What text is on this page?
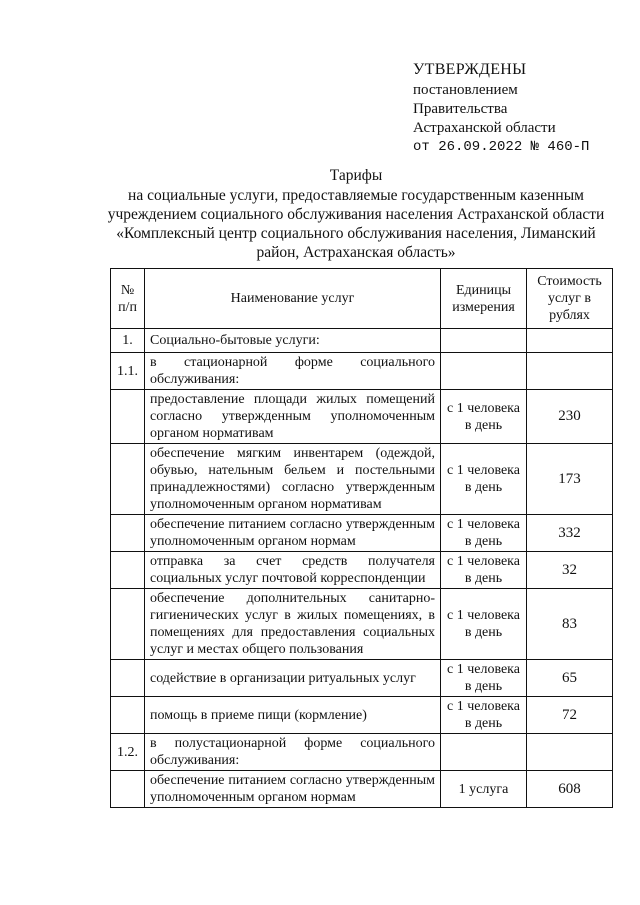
УТВЕРЖДЕНЫ
постановлением
Правительства
Астраханской области
от 26.09.2022 № 460-П
Тарифы
на социальные услуги, предоставляемые государственным казенным
учреждением социального обслуживания населения Астраханской области
«Комплексный центр социального обслуживания населения, Лиманский
район, Астраханская область»
№ п/п	Наименование услуг	Единицы измерения	Стоимость услуг в рублях
1.	Социально-бытовые услуги:		
1.1.	в стационарной форме социального обслуживания:		
	предоставление площади жилых помещений согласно утвержденным уполномоченным органом нормативам	с 1 человека в день	230
	обеспечение мягким инвентарем (одеждой, обувью, нательным бельем и постельными принадлежностями) согласно утвержденным уполномоченным органом нормативам	с 1 человека в день	173
	обеспечение питанием согласно утвержденным уполномоченным органом нормам	с 1 человека в день	332
	отправка за счет средств получателя социальных услуг почтовой корреспонденции	с 1 человека в день	32
	обеспечение дополнительных санитарно-гигиенических услуг в жилых помещениях, в помещениях для предоставления социальных услуг и местах общего пользования	с 1 человека в день	83
	содействие в организации ритуальных услуг	с 1 человека в день	65
	помощь в приеме пищи (кормление)	с 1 человека в день	72
1.2.	в полустационарной форме социального обслуживания:		
	обеспечение питанием согласно утвержденным уполномоченным органом нормам	1 услуга	608
